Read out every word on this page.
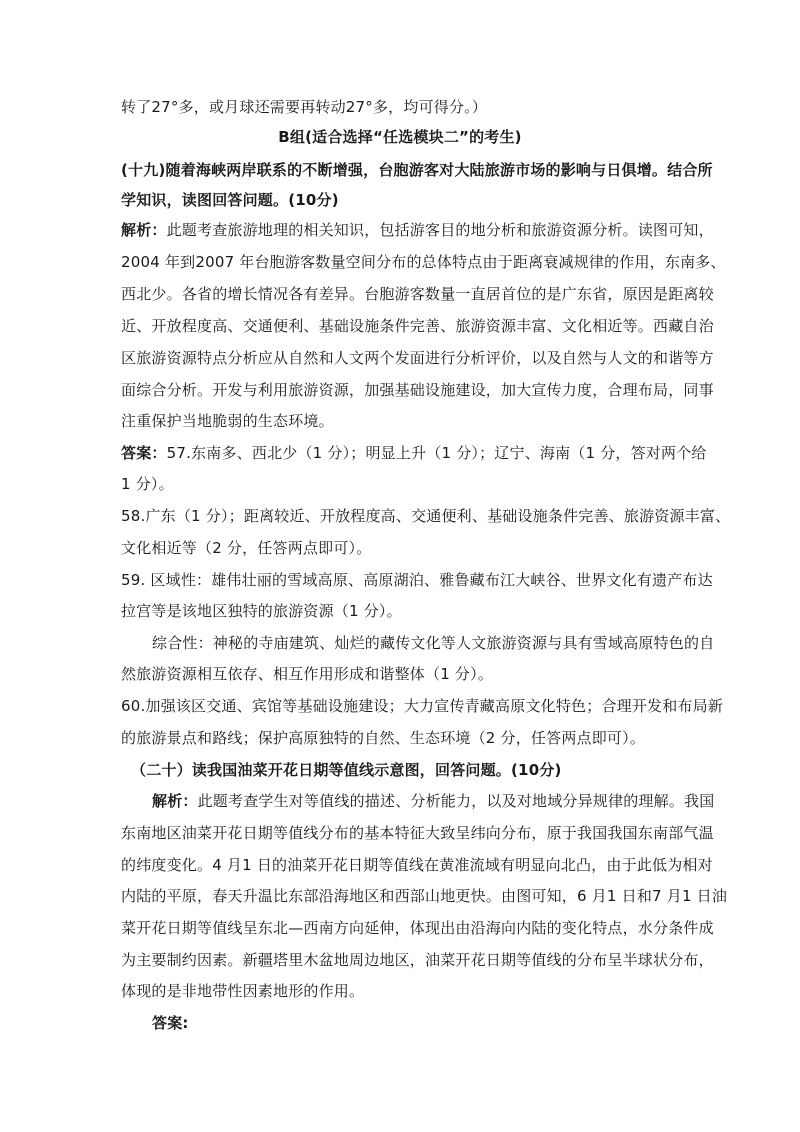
转了27°多，或月球还需要再转动27°多，均可得分。）
B组(适合选择“任选模块二”的考生)
(十九)随着海峡两岸联系的不断增强，台胞游客对大陆旅游市场的影响与日俱增。结合所
学知识，读图回答问题。(10分)
解析：此题考查旅游地理的相关知识，包括游客目的地分析和旅游资源分析。读图可知，
2004 年到2007 年台胞游客数量空间分布的总体特点由于距离衰减规律的作用，东南多、
西北少。各省的增长情况各有差异。台胞游客数量一直居首位的是广东省，原因是距离较
近、开放程度高、交通便利、基础设施条件完善、旅游资源丰富、文化相近等。西藏自治
区旅游资源特点分析应从自然和人文两个发面进行分析评价，以及自然与人文的和谐等方
面综合分析。开发与利用旅游资源，加强基础设施建设，加大宣传力度，合理布局，同事
注重保护当地脆弱的生态环境。
答案：57.东南多、西北少（1 分）；明显上升（1 分）；辽宁、海南（1 分，答对两个给
1 分）。
58.广东（1 分）；距离较近、开放程度高、交通便利、基础设施条件完善、旅游资源丰富、
文化相近等（2 分，任答两点即可）。
59. 区域性：雄伟壮丽的雪域高原、高原湖泊、雅鲁藏布江大峡谷、世界文化有遗产布达
拉宫等是该地区独特的旅游资源（1 分）。
综合性：神秘的寺庙建筑、灿烂的藏传文化等人文旅游资源与具有雪域高原特色的自
然旅游资源相互依存、相互作用形成和谐整体（1 分）。
60.加强该区交通、宾馆等基础设施建设；大力宣传青藏高原文化特色；合理开发和布局新
的旅游景点和路线；保护高原独特的自然、生态环境（2 分，任答两点即可）。
（二十）读我国油菜开花日期等值线示意图，回答问题。(10分)
解析：此题考查学生对等值线的描述、分析能力，以及对地域分异规律的理解。我国
东南地区油菜开花日期等值线分布的基本特征大致呈纬向分布，原于我国我国东南部气温
的纬度变化。4 月1 日的油菜开花日期等值线在黄准流域有明显向北凸，由于此低为相对
内陆的平原，春天升温比东部沿海地区和西部山地更快。由图可知，6 月1 日和7 月1 日油
菜开花日期等值线呈东北—西南方向延伸，体现出由沿海向内陆的变化特点，水分条件成
为主要制约因素。新疆塔里木盆地周边地区，油菜开花日期等值线的分布呈半球状分布，
体现的是非地带性因素地形的作用。
答案:
